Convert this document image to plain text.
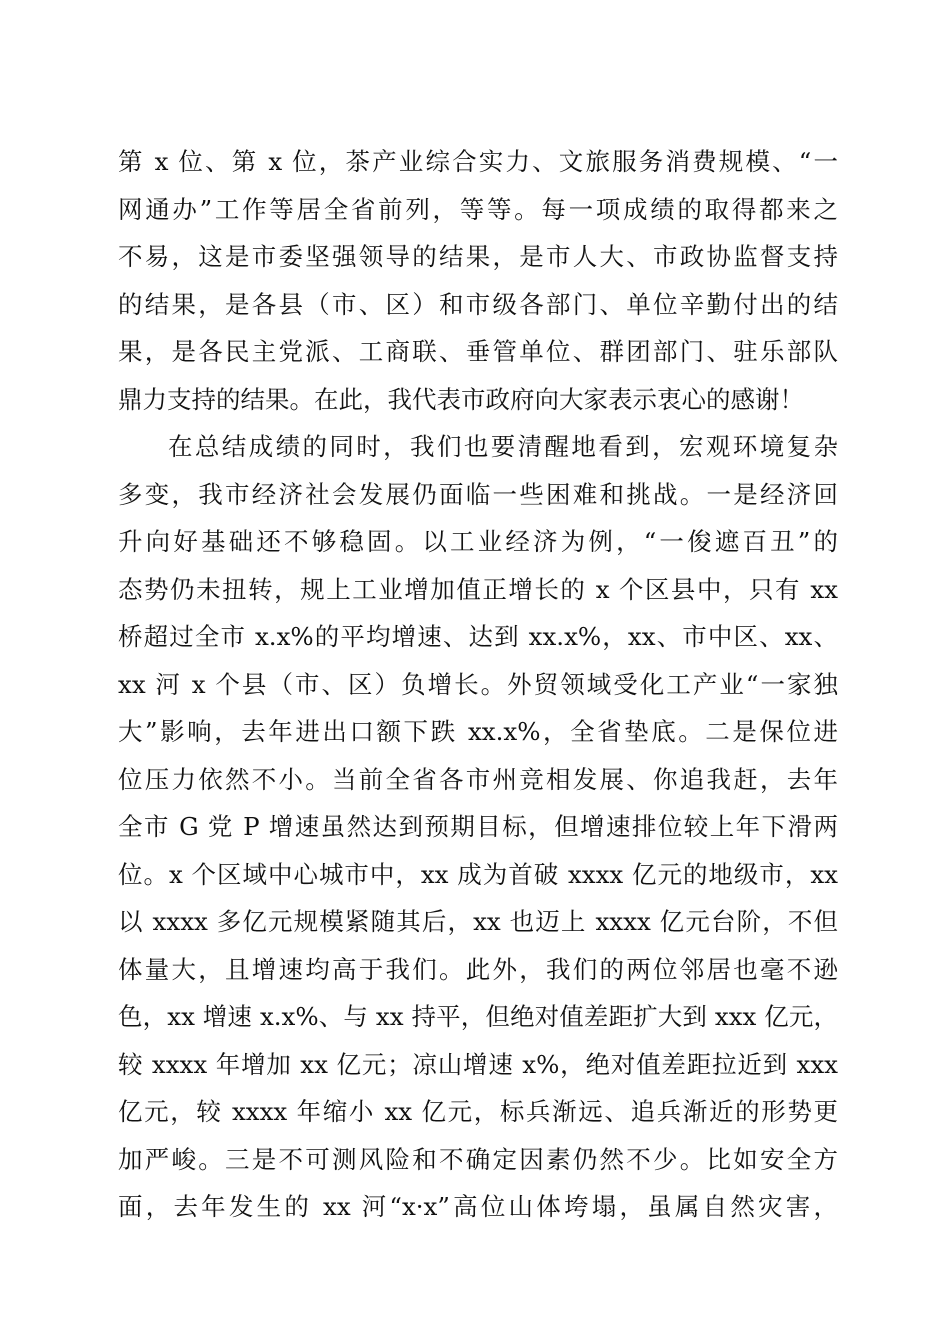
第 x 位、第 x 位，茶产业综合实力、文旅服务消费规模、“一
网通办”工作等居全省前列，等等。每一项成绩的取得都来之
不易，这是市委坚强领导的结果，是市人大、市政协监督支持
的结果，是各县（市、区）和市级各部门、单位辛勤付出的结
果，是各民主党派、工商联、垂管单位、群团部门、驻乐部队
鼎力支持的结果。在此，我代表市政府向大家表示衷心的感谢！
在总结成绩的同时，我们也要清醒地看到，宏观环境复杂
多变，我市经济社会发展仍面临一些困难和挑战。一是经济回
升向好基础还不够稳固。以工业经济为例，“一俊遮百丑”的
态势仍未扭转，规上工业增加值正增长的 x 个区县中，只有 xx
桥超过全市 x.x%的平均增速、达到 xx.x%，xx、市中区、xx、
xx 河 x 个县（市、区）负增长。外贸领域受化工产业“一家独
大”影响，去年进出口额下跌 xx.x%，全省垫底。二是保位进
位压力依然不小。当前全省各市州竞相发展、你追我赶，去年
全市 G 党 P 增速虽然达到预期目标，但增速排位较上年下滑两
位。x 个区域中心城市中，xx 成为首破 xxxx 亿元的地级市，xx
以 xxxx 多亿元规模紧随其后，xx 也迈上 xxxx 亿元台阶，不但
体量大，且增速均高于我们。此外，我们的两位邻居也毫不逊
色，xx 增速 x.x%、与 xx 持平，但绝对值差距扩大到 xxx 亿元，
较 xxxx 年增加 xx 亿元；凉山增速 x%，绝对值差距拉近到 xxx
亿元，较 xxxx 年缩小 xx 亿元，标兵渐远、追兵渐近的形势更
加严峻。三是不可测风险和不确定因素仍然不少。比如安全方
面，去年发生的 xx 河“x·x”高位山体垮塌，虽属自然灾害，
